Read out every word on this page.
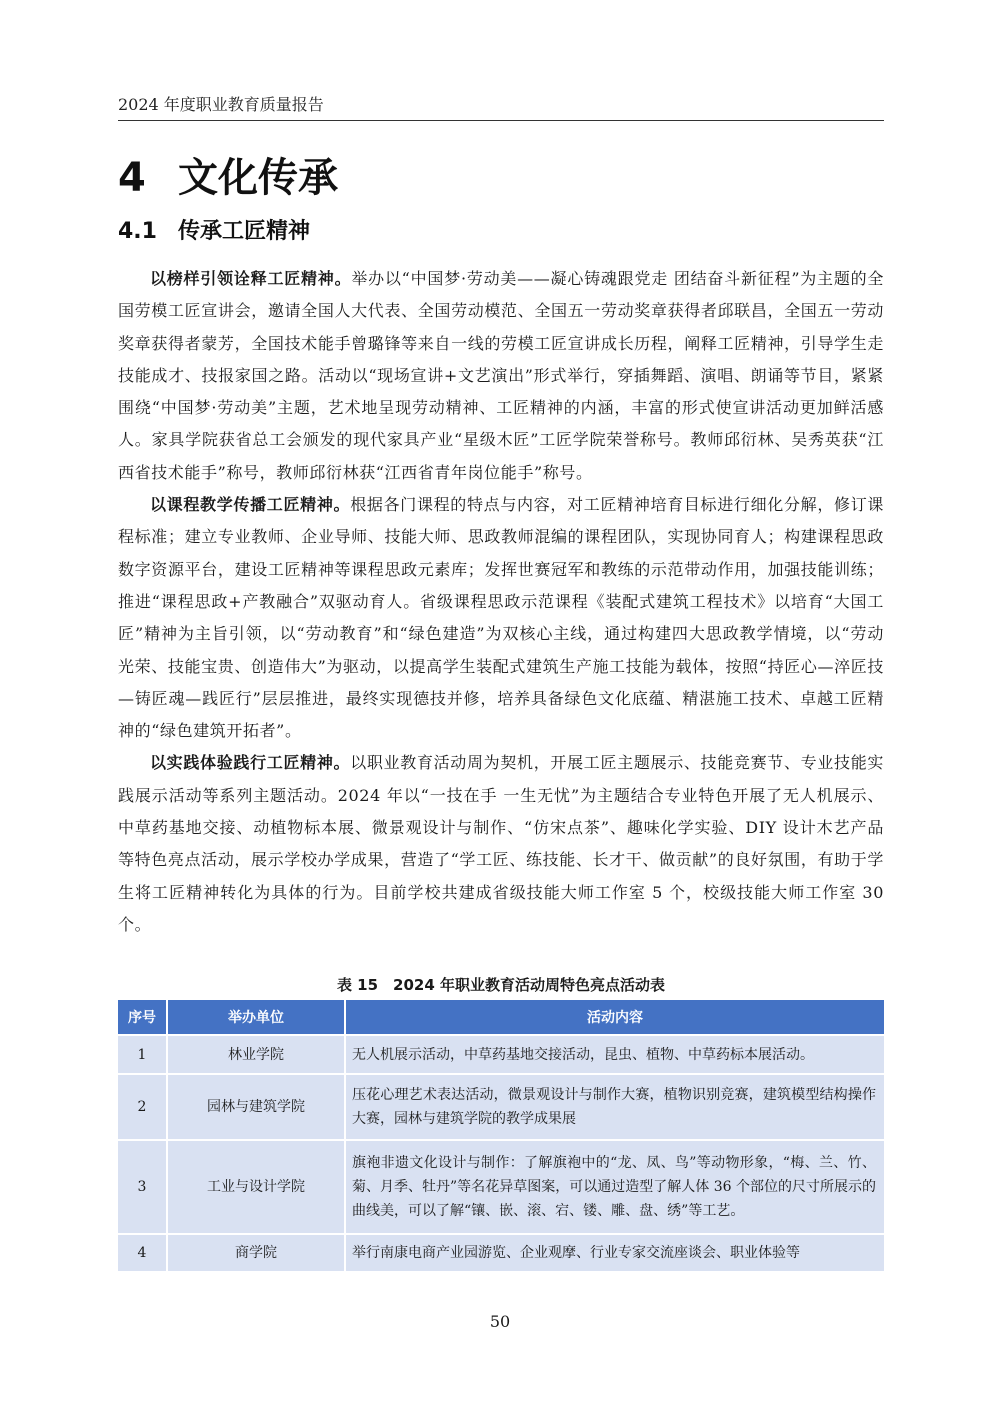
2024 年度职业教育质量报告
4 文化传承
4.1 传承工匠精神

以榜样引领诠释工匠精神。举办以“中国梦·劳动美——凝心铸魂跟党走 团结奋斗新征程”为主题的全国劳模工匠宣讲会，邀请全国人大代表、全国劳动模范、全国五一劳动奖章获得者邱联昌，全国五一劳动奖章获得者蒙芳，全国技术能手曾璐锋等来自一线的劳模工匠宣讲成长历程，阐释工匠精神，引导学生走技能成才、技报家国之路。活动以“现场宣讲+文艺演出”形式举行，穿插舞蹈、演唱、朗诵等节目，紧紧围绕“中国梦·劳动美”主题，艺术地呈现劳动精神、工匠精神的内涵，丰富的形式使宣讲活动更加鲜活感人。家具学院获省总工会颁发的现代家具产业“星级木匠”工匠学院荣誉称号。教师邱衍林、吴秀英获“江西省技术能手”称号，教师邱衍林获“江西省青年岗位能手”称号。

以课程教学传播工匠精神。根据各门课程的特点与内容，对工匠精神培育目标进行细化分解，修订课程标准；建立专业教师、企业导师、技能大师、思政教师混编的课程团队，实现协同育人；构建课程思政数字资源平台，建设工匠精神等课程思政元素库；发挥世赛冠军和教练的示范带动作用，加强技能训练；推进“课程思政+产教融合”双驱动育人。省级课程思政示范课程《装配式建筑工程技术》以培育“大国工匠”精神为主旨引领，以“劳动教育”和“绿色建造”为双核心主线，通过构建四大思政教学情境，以“劳动光荣、技能宝贵、创造伟大”为驱动，以提高学生装配式建筑生产施工技能为载体，按照“持匠心—淬匠技—铸匠魂—践匠行”层层推进，最终实现德技并修，培养具备绿色文化底蕴、精湛施工技术、卓越工匠精神的“绿色建筑开拓者”。

以实践体验践行工匠精神。以职业教育活动周为契机，开展工匠主题展示、技能竞赛节、专业技能实践展示活动等系列主题活动。2024 年以“一技在手 一生无忧”为主题结合专业特色开展了无人机展示、中草药基地交接、动植物标本展、微景观设计与制作、“仿宋点茶”、趣味化学实验、DIY 设计木艺产品等特色亮点活动，展示学校办学成果，营造了“学工匠、练技能、长才干、做贡献”的良好氛围，有助于学生将工匠精神转化为具体的行为。目前学校共建成省级技能大师工作室 5 个，校级技能大师工作室 30 个。

表 15　2024 年职业教育活动周特色亮点活动表
序号	举办单位	活动内容
1	林业学院	无人机展示活动，中草药基地交接活动，昆虫、植物、中草药标本展活动。
2	园林与建筑学院	压花心理艺术表达活动，微景观设计与制作大赛，植物识别竞赛，建筑模型结构操作大赛，园林与建筑学院的教学成果展
3	工业与设计学院	旗袍非遗文化设计与制作：了解旗袍中的“龙、凤、鸟”等动物形象，“梅、兰、竹、菊、月季、牡丹”等名花异草图案，可以通过造型了解人体 36 个部位的尺寸所展示的曲线美，可以了解“镶、嵌、滚、宕、镂、雕、盘、绣”等工艺。
4	商学院	举行南康电商产业园游览、企业观摩、行业专家交流座谈会、职业体验等
50
